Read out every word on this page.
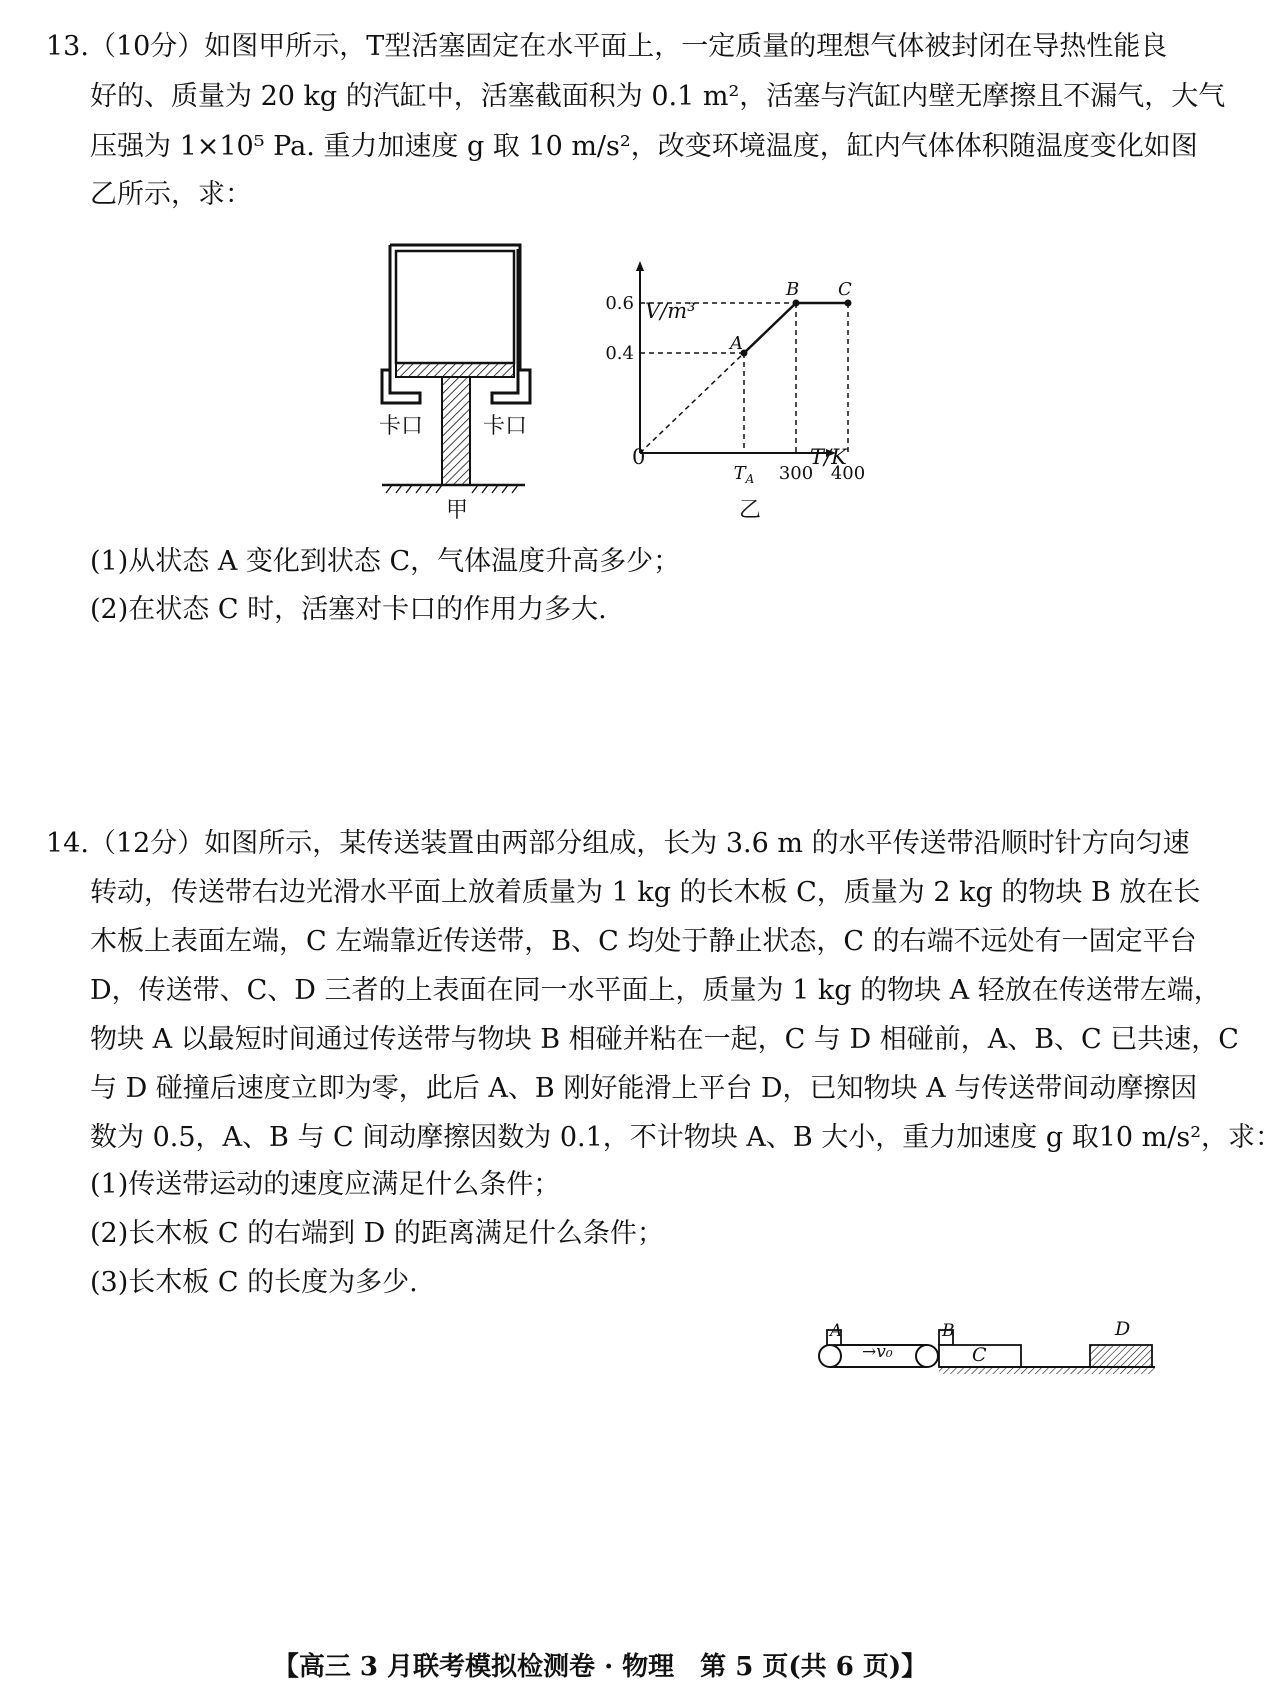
13.（10分）如图甲所示，T型活塞固定在水平面上，一定质量的理想气体被封闭在导热性能良
好的、质量为 20 kg 的汽缸中，活塞截面积为 0.1 m²，活塞与汽缸内壁无摩擦且不漏气，大气
压强为 1×10⁵ Pa. 重力加速度 g 取 10 m/s²，改变环境温度，缸内气体体积随温度变化如图
乙所示，求：
卡口	卡口
甲
A
B C
0.4
0.6
$T_A$ 300 400
V/m³
0	T/K
乙
(1)从状态 A 变化到状态 C，气体温度升高多少；
(2)在状态 C 时，活塞对卡口的作用力多大.
14.（12分）如图所示，某传送装置由两部分组成，长为 3.6 m 的水平传送带沿顺时针方向匀速
转动，传送带右边光滑水平面上放着质量为 1 kg 的长木板 C，质量为 2 kg 的物块 B 放在长
木板上表面左端，C 左端靠近传送带，B、C 均处于静止状态，C 的右端不远处有一固定平台
D，传送带、C、D 三者的上表面在同一水平面上，质量为 1 kg 的物块 A 轻放在传送带左端，
物块 A 以最短时间通过传送带与物块 B 相碰并粘在一起，C 与 D 相碰前，A、B、C 已共速，C
与 D 碰撞后速度立即为零，此后 A、B 刚好能滑上平台 D，已知物块 A 与传送带间动摩擦因
数为 0.5，A、B 与 C 间动摩擦因数为 0.1，不计物块 A、B 大小，重力加速度 g 取10 m/s²，求：
(1)传送带运动的速度应满足什么条件；
(2)长木板 C 的右端到 D 的距离满足什么条件；
(3)长木板 C 的长度为多少.
A	B
C
D
→v₀
【高三 3 月联考模拟检测卷 · 物理　第 5 页(共 6 页)】
